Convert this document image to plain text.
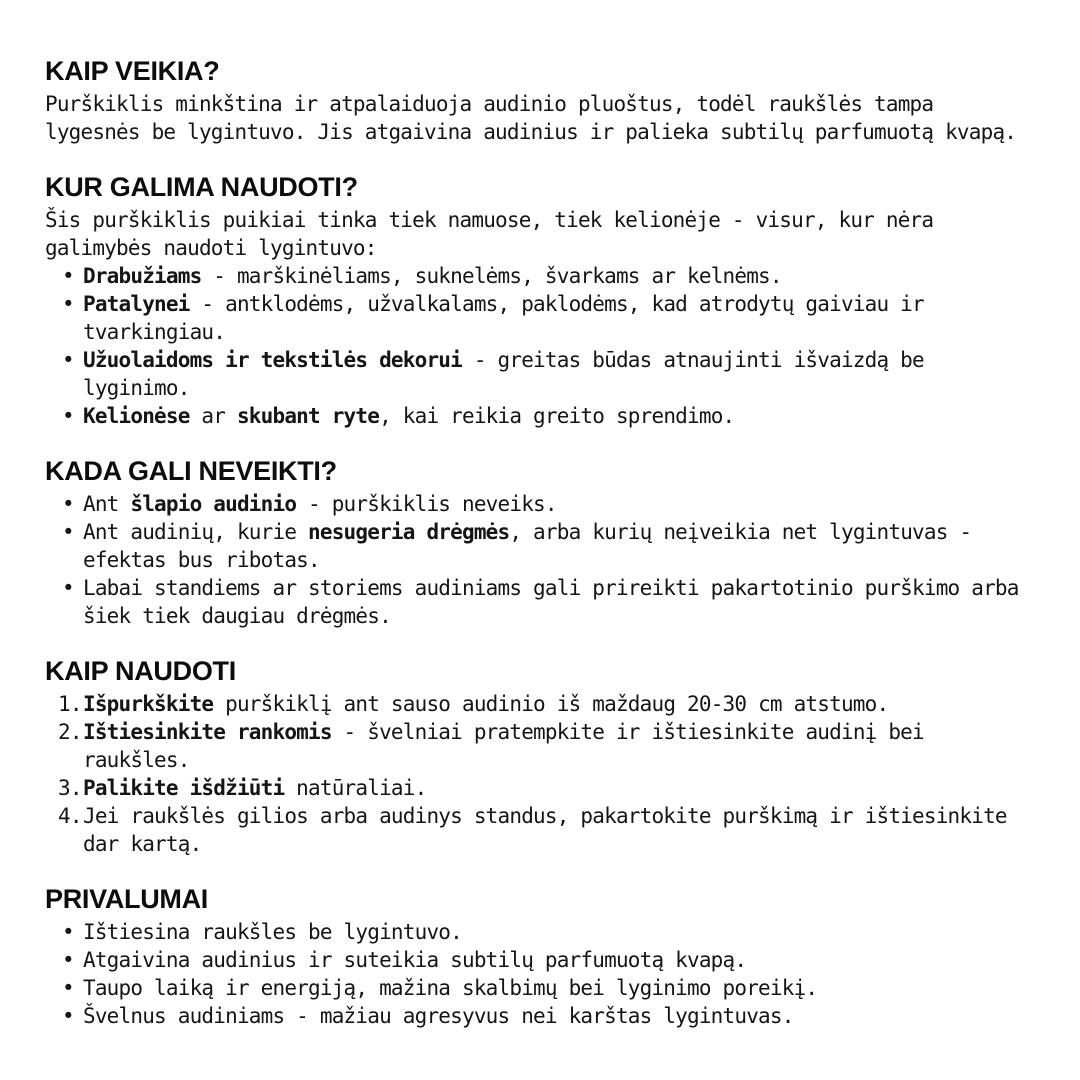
KAIP VEIKIA?

Purškiklis minkština ir atpalaiduoja audinio pluoštus, todėl raukšlės tampa lygesnės be lygintuvo. Jis atgaivina audinius ir palieka subtilų parfumuotą kvapą.

KUR GALIMA NAUDOTI?

Šis purškiklis puikiai tinka tiek namuose, tiek kelionėje - visur, kur nėra galimybės naudoti lygintuvo:

• Drabužiams - marškinėliams, suknelėms, švarkams ar kelnėms.
• Patalynei - antklodėms, užvalkalams, paklodėms, kad atrodytų gaiviau ir tvarkingiau.
• Užuolaidoms ir tekstilės dekorui - greitas būdas atnaujinti išvaizdą be lyginimo.
• Kelionėse ar skubant ryte, kai reikia greito sprendimo.
KADA GALI NEVEIKTI?
• Ant šlapio audinio - purškiklis neveiks.
• Ant audinių, kurie nesugeria drėgmės, arba kurių neįveikia net lygintuvas - efektas bus ribotas.
• Labai standiems ar storiems audiniams gali prireikti pakartotinio purškimo arba šiek tiek daugiau drėgmės.
KAIP NAUDOTI
1. Išpurkškite purškiklį ant sauso audinio iš maždaug 20-30 cm atstumo.
2. Ištiesinkite rankomis - švelniai pratempkite ir ištiesinkite audinį bei raukšles.
3. Palikite išdžiūti natūraliai.
4. Jei raukšlės gilios arba audinys standus, pakartokite purškimą ir ištiesinkite dar kartą.
PRIVALUMAI
• Ištiesina raukšles be lygintuvo.
• Atgaivina audinius ir suteikia subtilų parfumuotą kvapą.
• Taupo laiką ir energiją, mažina skalbimų bei lyginimo poreikį.
• Švelnus audiniams - mažiau agresyvus nei karštas lygintuvas.
